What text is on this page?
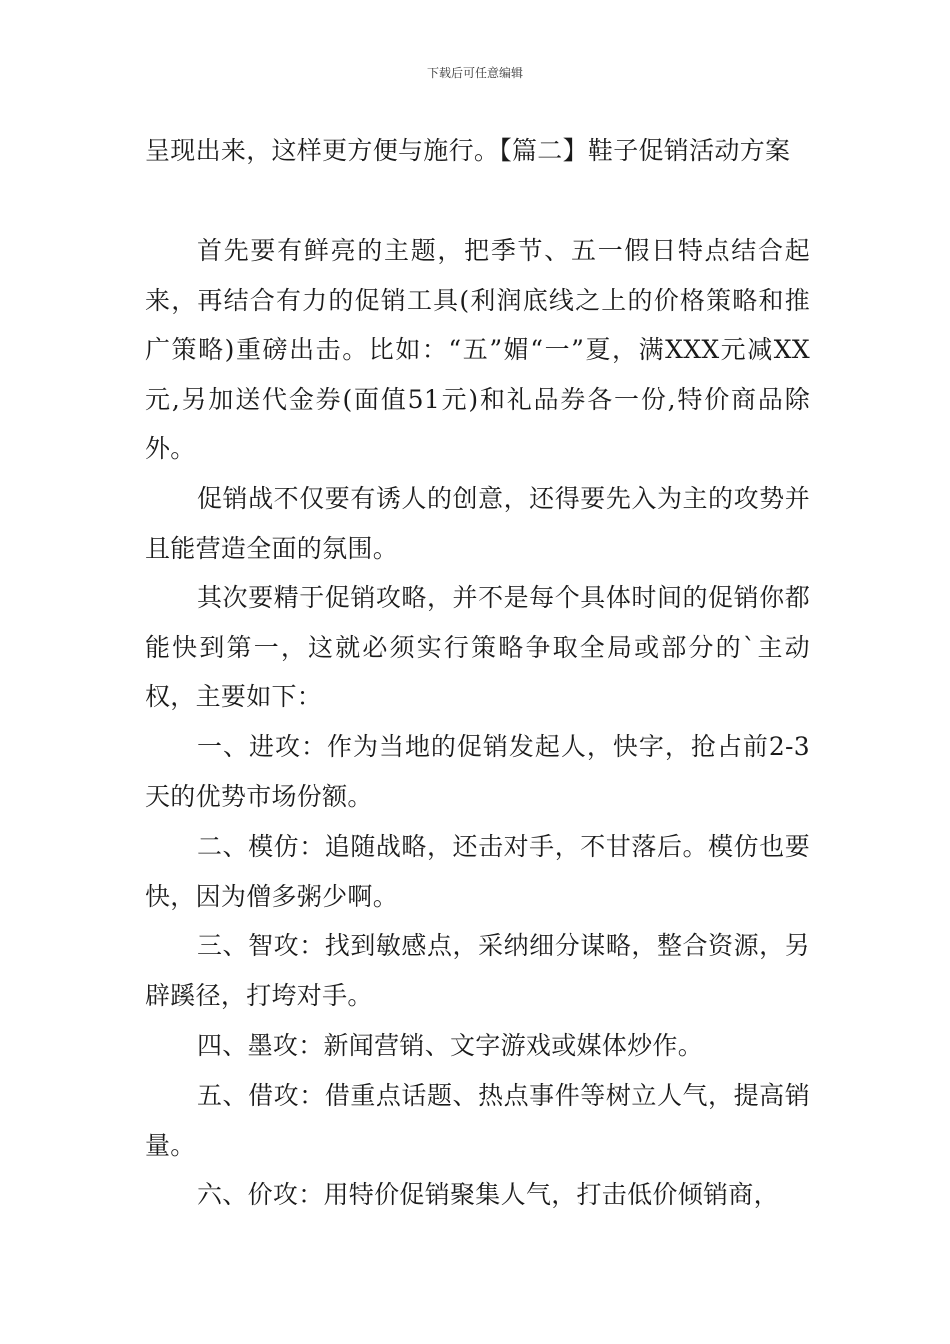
下载后可任意编辑

呈现出来，这样更方便与施行。【篇二】鞋子促销活动方案

首先要有鲜亮的主题，把季节、五一假日特点结合起来，再结合有力的促销工具(利润底线之上的价格策略和推广策略)重磅出击。比如：“五”媚“一”夏，满XXX元减XX元,另加送代金券(面值51元)和礼品券各一份,特价商品除外。

促销战不仅要有诱人的创意，还得要先入为主的攻势并且能营造全面的氛围。

其次要精于促销攻略，并不是每个具体时间的促销你都能快到第一，这就必须实行策略争取全局或部分的`主动权，主要如下：

一、进攻：作为当地的促销发起人，快字，抢占前2-3天的优势市场份额。

二、模仿：追随战略，还击对手，不甘落后。模仿也要快，因为僧多粥少啊。

三、智攻：找到敏感点，采纳细分谋略，整合资源，另辟蹊径，打垮对手。

四、墨攻：新闻营销、文字游戏或媒体炒作。

五、借攻：借重点话题、热点事件等树立人气，提高销量。

六、价攻：用特价促销聚集人气，打击低价倾销商，
